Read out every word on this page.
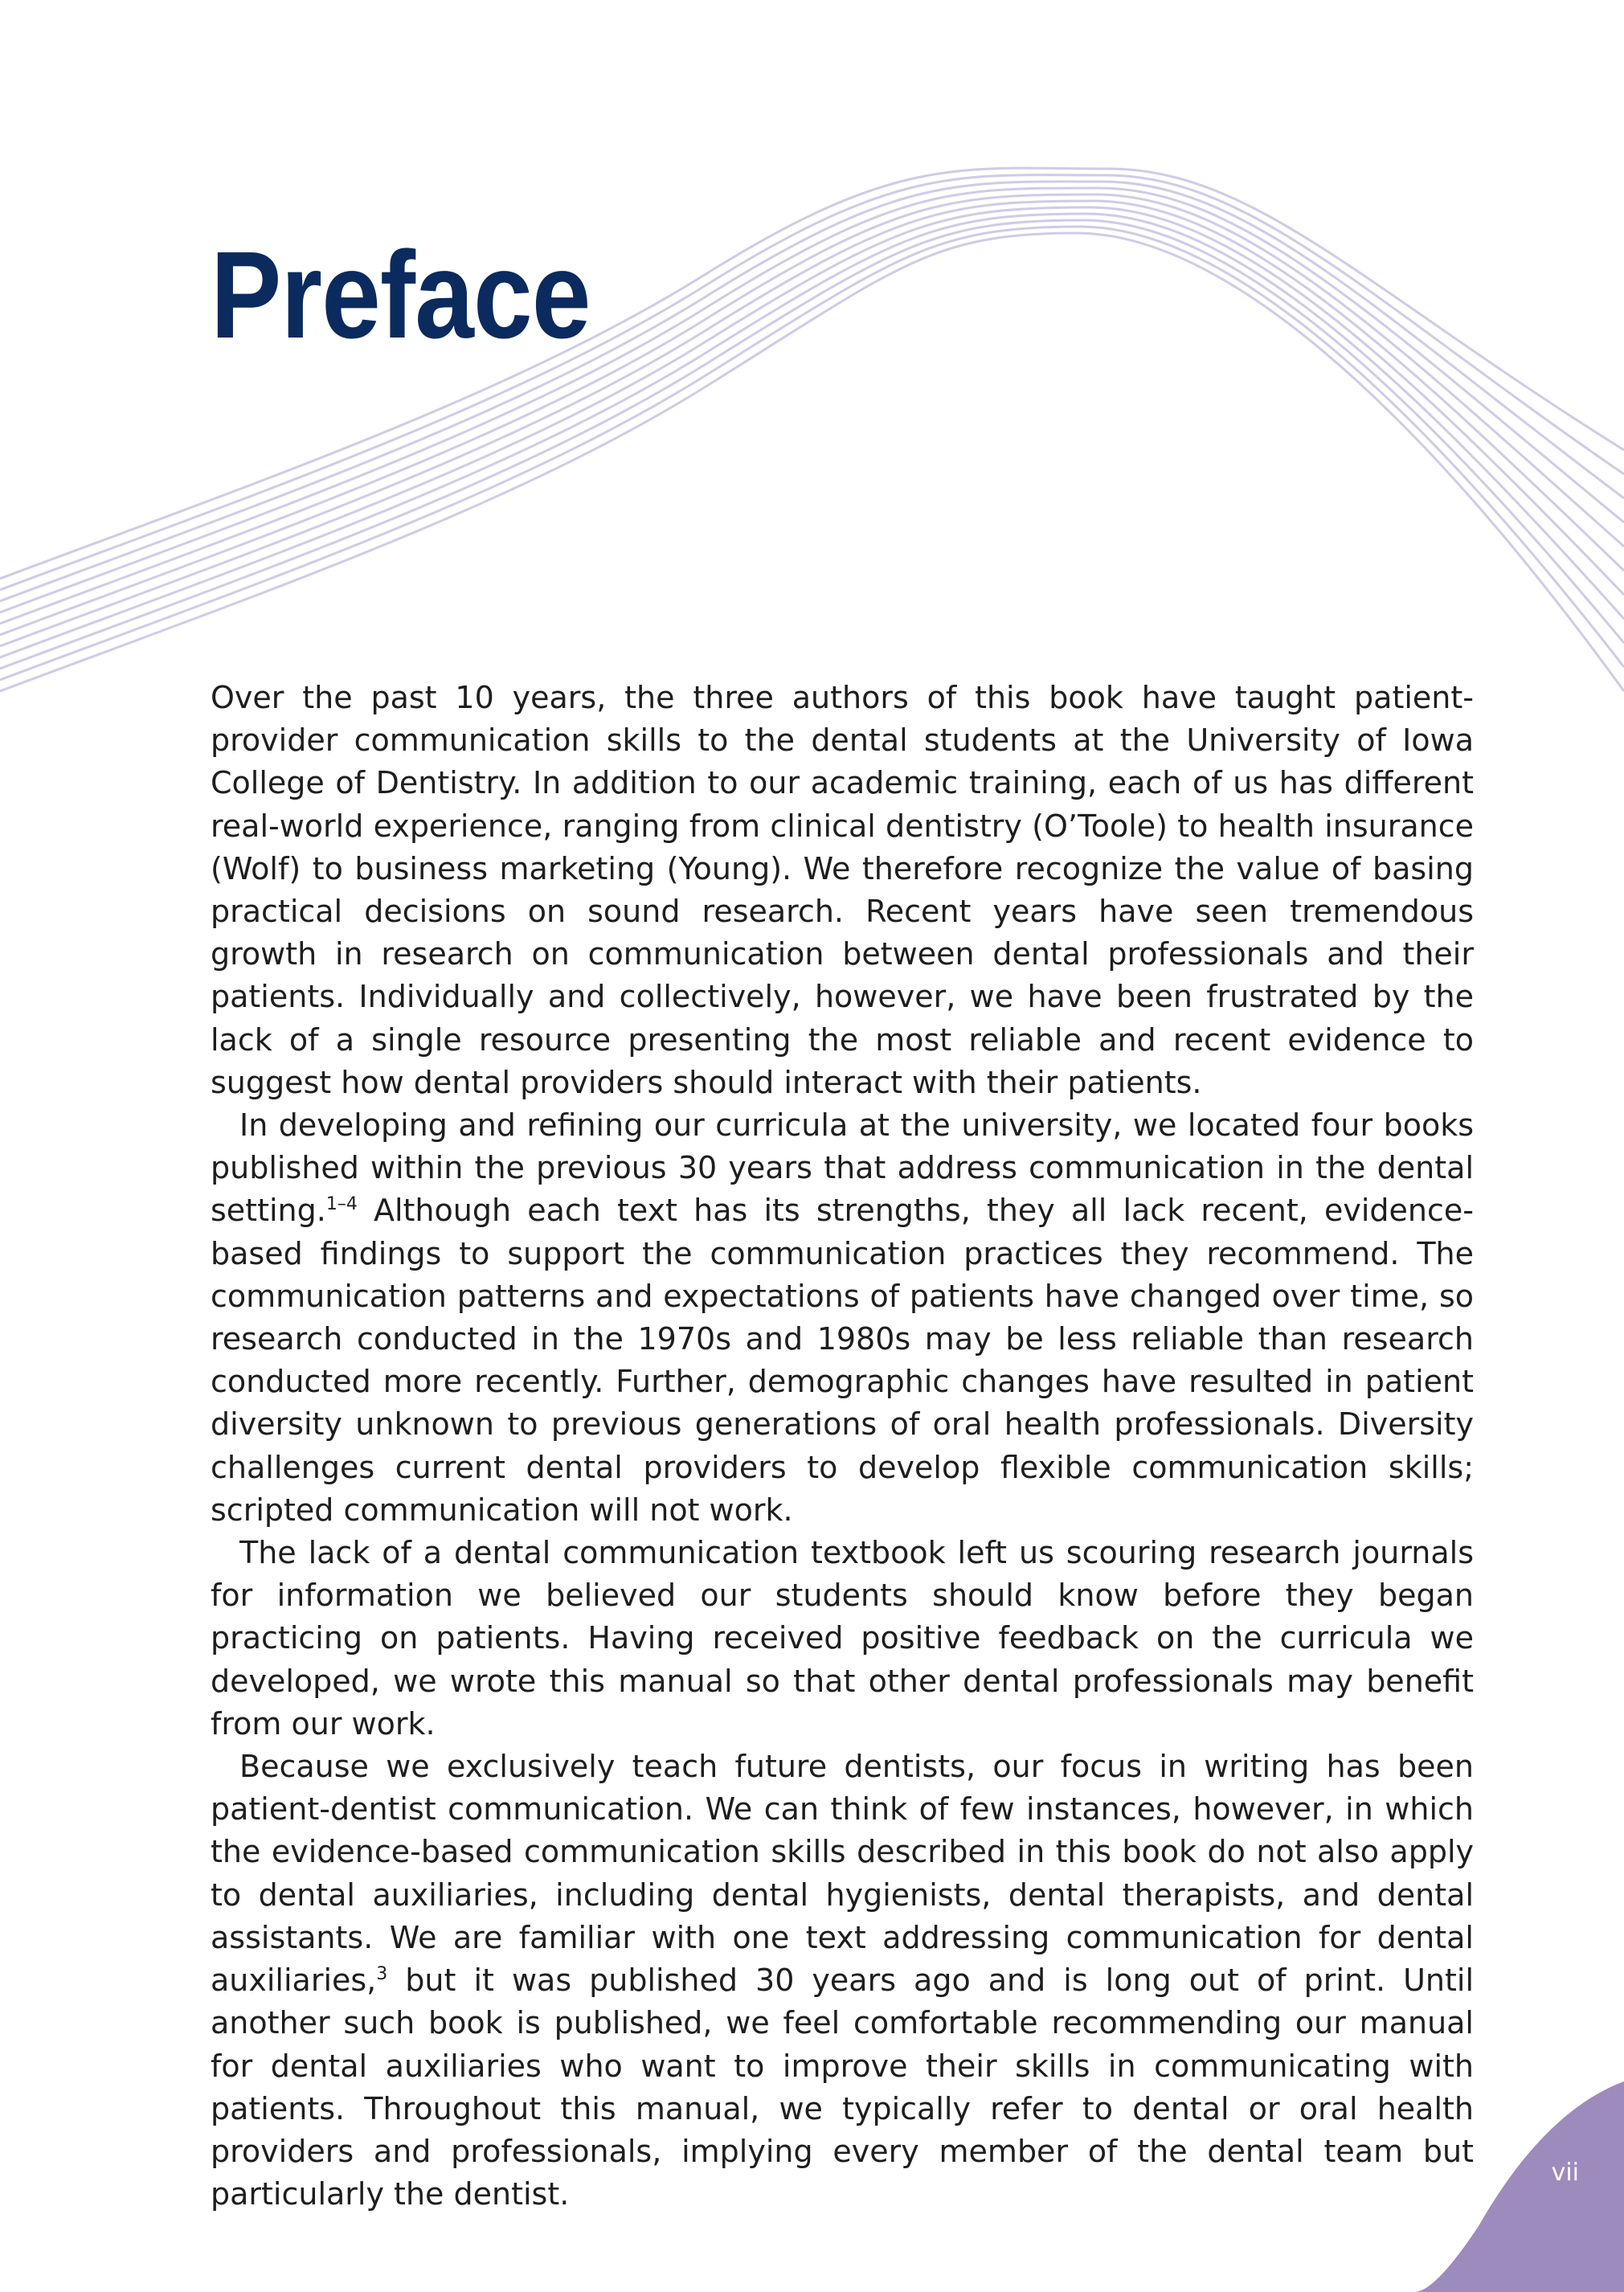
Preface

Over the past 10 years, the three authors of this book have taught patient-provider communication skills to the dental students at the University of Iowa College of Dentistry. In addition to our academic training, each of us has different real-world experience, ranging from clinical dentistry (O’Toole) to health insurance (Wolf) to business marketing (Young). We therefore recognize the value of basing practical decisions on sound research. Recent years have seen tremendous growth in research on communication between dental professionals and their patients. Individually and collectively, however, we have been frustrated by the lack of a single resource presenting the most reliable and recent evidence to suggest how dental providers should interact with their patients.

In developing and refining our curricula at the university, we located four books published within the previous 30 years that address communication in the dental setting.$^{1-4}$ Although each text has its strengths, they all lack recent, evidence-based findings to support the communication practices they recommend. The communication patterns and expectations of patients have changed over time, so research conducted in the 1970s and 1980s may be less reliable than research conducted more recently. Further, demographic changes have resulted in patient diversity unknown to previous generations of oral health professionals. Diversity challenges current dental providers to develop flexible communication skills; scripted communication will not work.

The lack of a dental communication textbook left us scouring research journals for information we believed our students should know before they began practicing on patients. Having received positive feedback on the curricula we developed, we wrote this manual so that other dental professionals may benefit from our work.

Because we exclusively teach future dentists, our focus in writing has been patient-dentist communication. We can think of few instances, however, in which the evidence-based communication skills described in this book do not also apply to dental auxiliaries, including dental hygienists, dental therapists, and dental assistants. We are familiar with one text addressing communication for dental auxiliaries,$^3$ but it was published 30 years ago and is long out of print. Until another such book is published, we feel comfortable recommending our manual for dental auxiliaries who want to improve their skills in communicating with patients. Throughout this manual, we typically refer to dental or oral health providers and professionals, implying every member of the dental team but particularly the dentist.

vii
